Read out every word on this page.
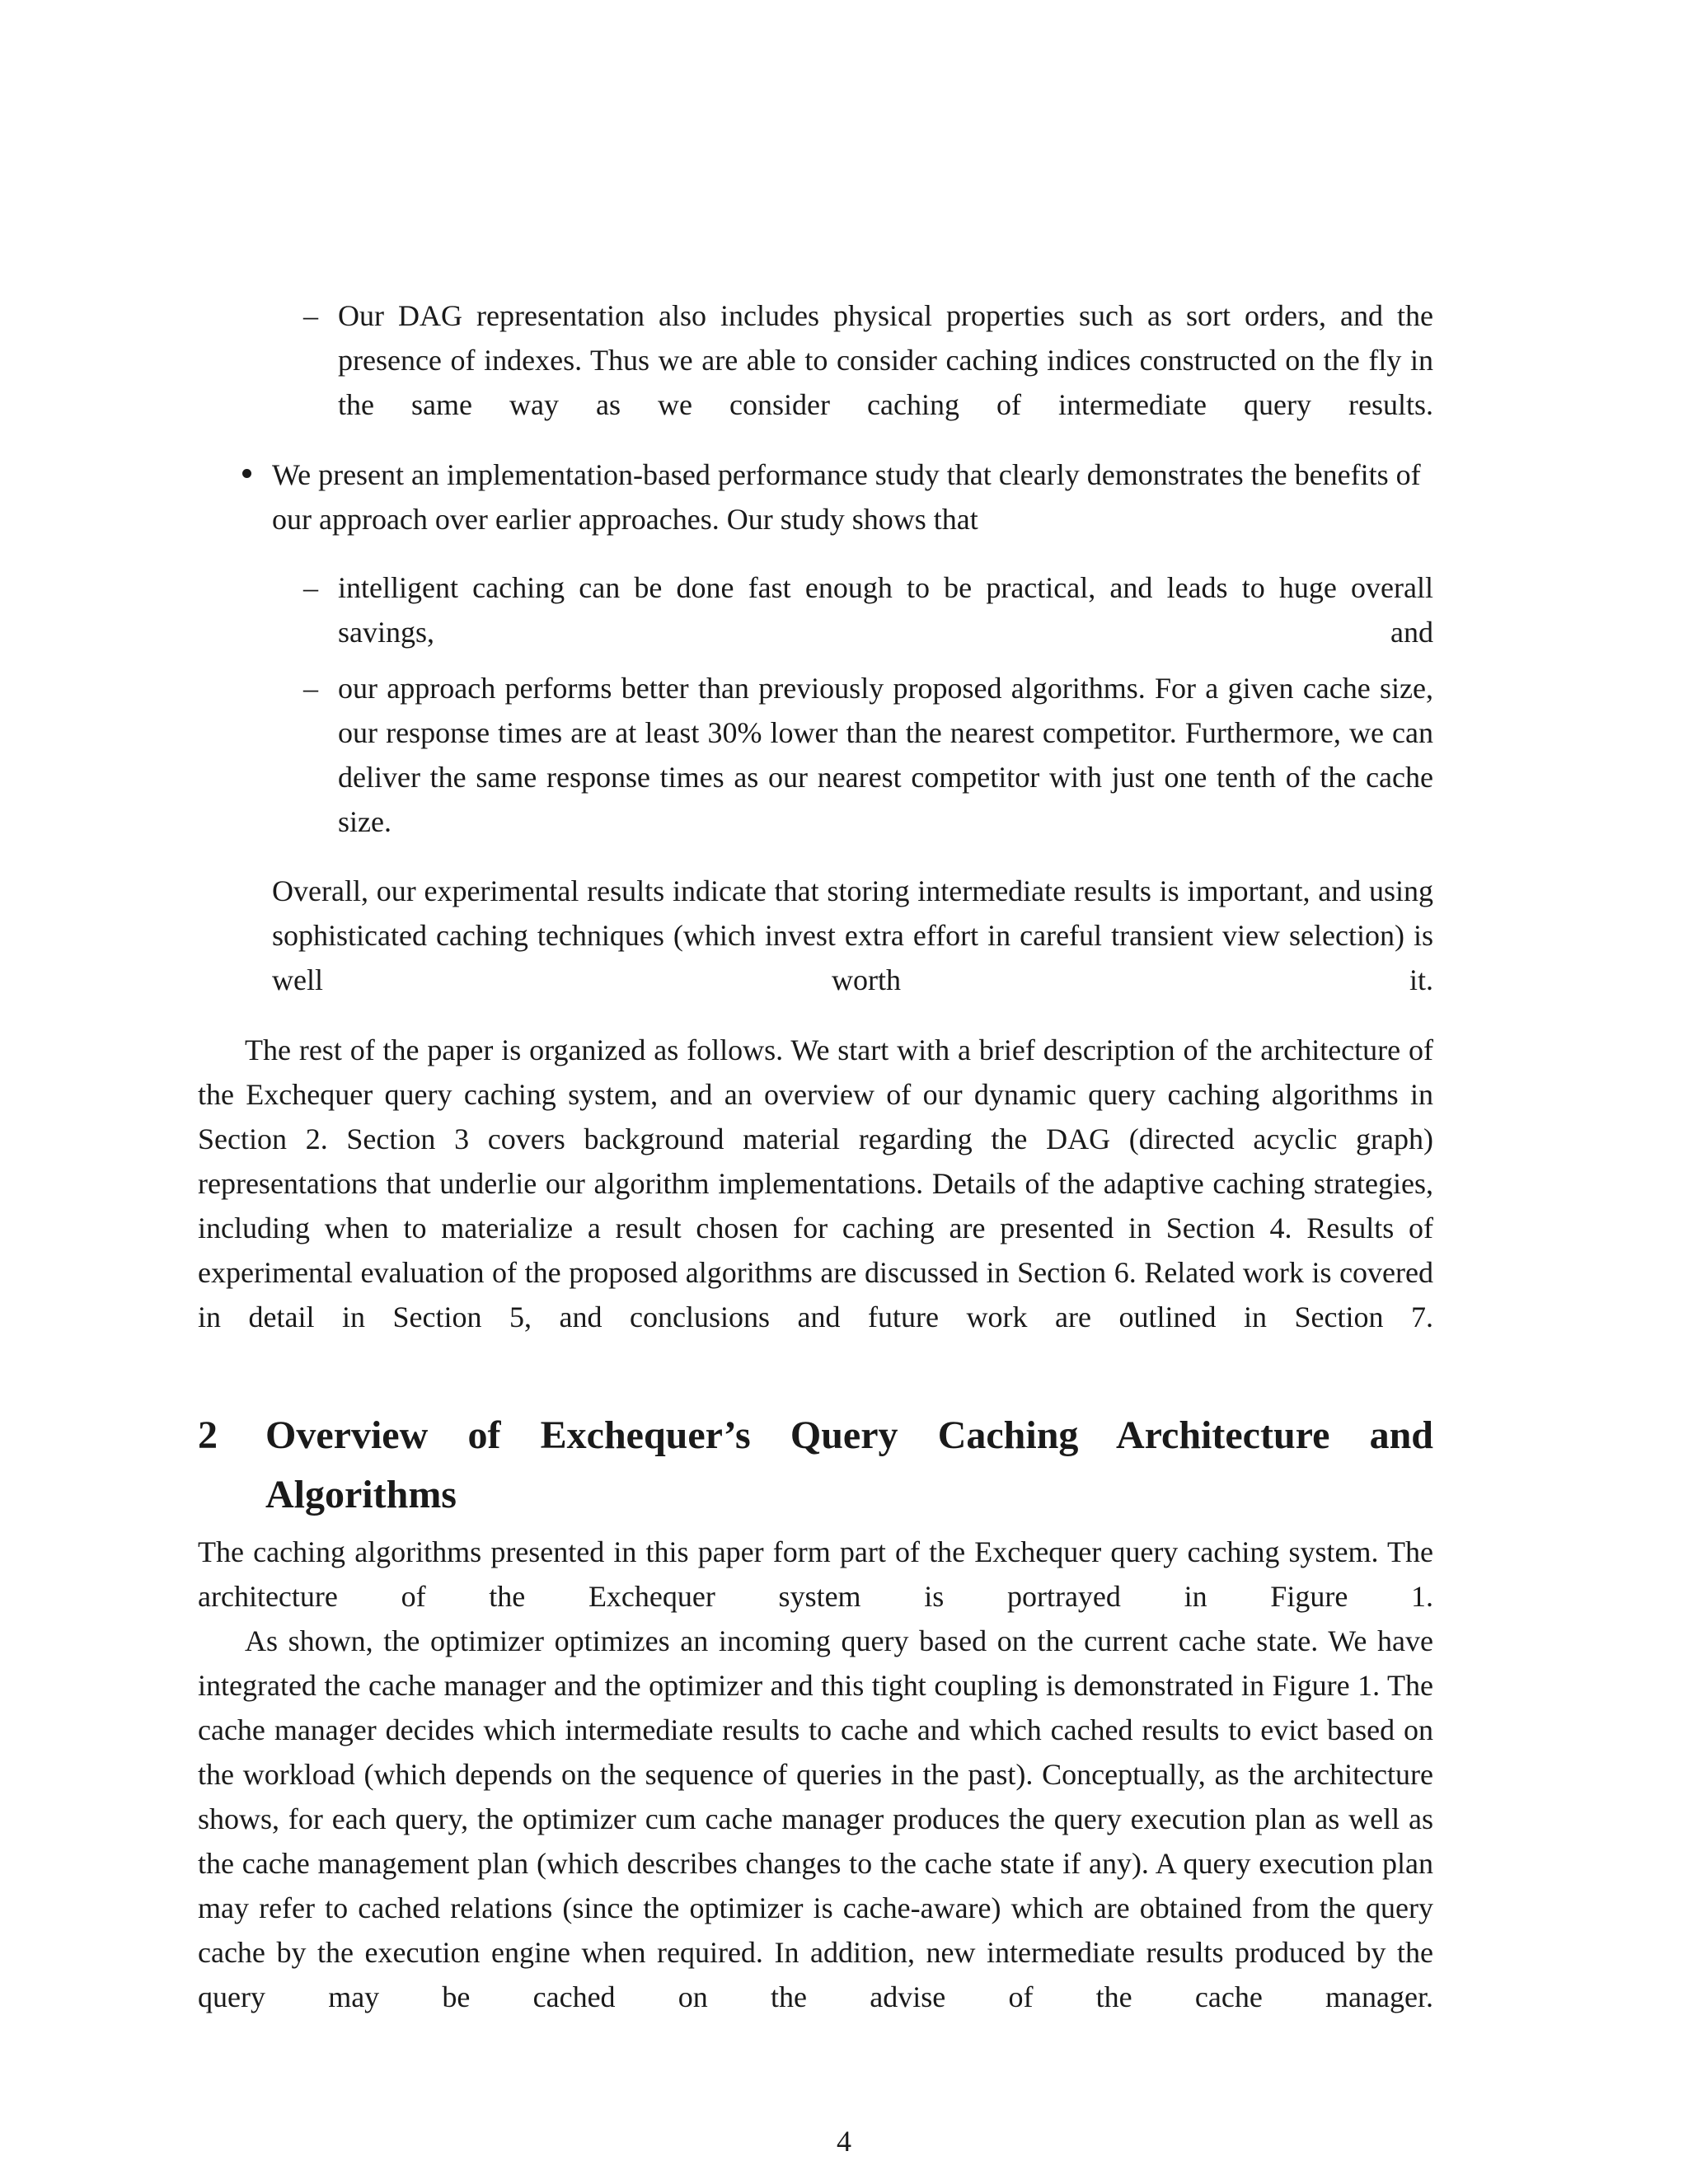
– Our DAG representation also includes physical properties such as sort orders, and the presence of indexes. Thus we are able to consider caching indices constructed on the fly in the same way as we consider caching of intermediate query results.
We present an implementation-based performance study that clearly demonstrates the benefits of our approach over earlier approaches. Our study shows that
– intelligent caching can be done fast enough to be practical, and leads to huge overall savings, and
– our approach performs better than previously proposed algorithms. For a given cache size, our response times are at least 30% lower than the nearest competitor. Furthermore, we can deliver the same response times as our nearest competitor with just one tenth of the cache size.
Overall, our experimental results indicate that storing intermediate results is important, and using sophisticated caching techniques (which invest extra effort in careful transient view selection) is well worth it.
The rest of the paper is organized as follows. We start with a brief description of the architecture of the Exchequer query caching system, and an overview of our dynamic query caching algorithms in Section 2. Section 3 covers background material regarding the DAG (directed acyclic graph) representations that underlie our algorithm implementations. Details of the adaptive caching strategies, including when to materialize a result chosen for caching are presented in Section 4. Results of experimental evaluation of the proposed algorithms are discussed in Section 6. Related work is covered in detail in Section 5, and conclusions and future work are outlined in Section 7.
2 Overview of Exchequer’s Query Caching Architecture and Algorithms
The caching algorithms presented in this paper form part of the Exchequer query caching system. The architecture of the Exchequer system is portrayed in Figure 1.
As shown, the optimizer optimizes an incoming query based on the current cache state. We have integrated the cache manager and the optimizer and this tight coupling is demonstrated in Figure 1. The cache manager decides which intermediate results to cache and which cached results to evict based on the workload (which depends on the sequence of queries in the past). Conceptually, as the architecture shows, for each query, the optimizer cum cache manager produces the query execution plan as well as the cache management plan (which describes changes to the cache state if any). A query execution plan may refer to cached relations (since the optimizer is cache-aware) which are obtained from the query cache by the execution engine when required. In addition, new intermediate results produced by the query may be cached on the advise of the cache manager.
4
